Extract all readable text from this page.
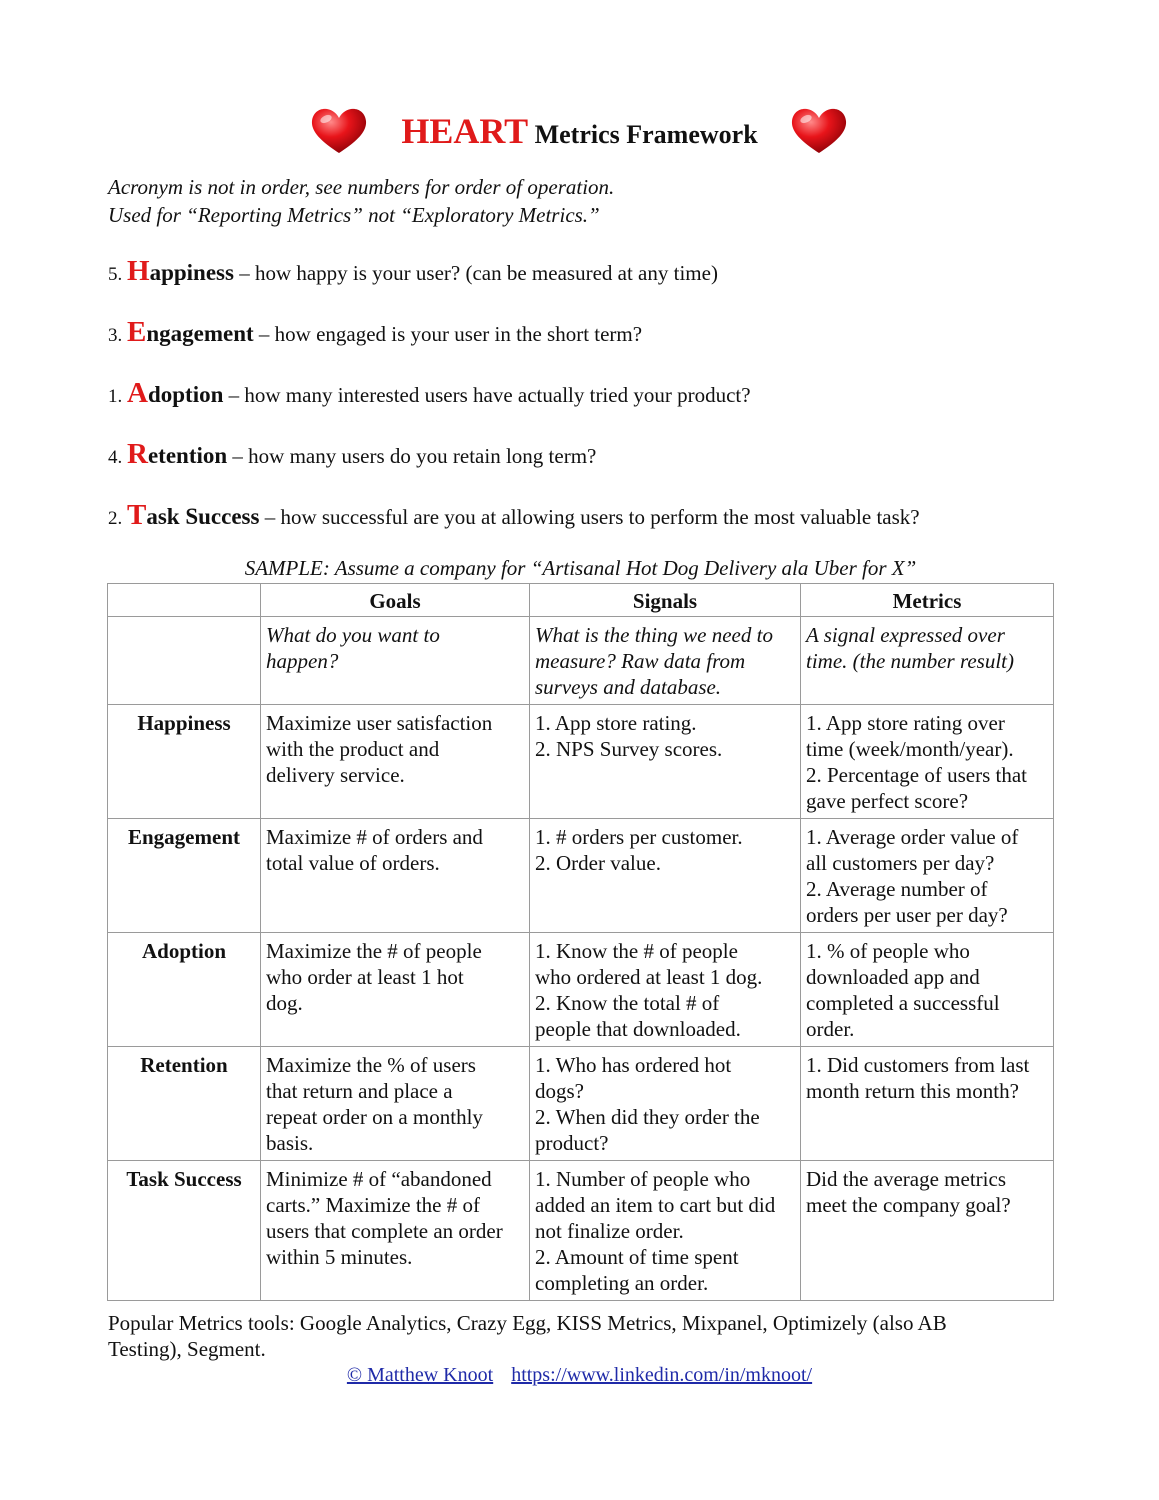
HEART Metrics Framework
Acronym is not in order, see numbers for order of operation.
Used for “Reporting Metrics” not “Exploratory Metrics.”
5. Happiness – how happy is your user? (can be measured at any time)
3. Engagement – how engaged is your user in the short term?
1. Adoption – how many interested users have actually tried your product?
4. Retention – how many users do you retain long term?
2. Task Success – how successful are you at allowing users to perform the most valuable task?
SAMPLE: Assume a company for “Artisanal Hot Dog Delivery ala Uber for X”
	Goals	Signals	Metrics

	What do you want to
happen?	What is the thing we need to
measure? Raw data from
surveys and database.	A signal expressed over
time. (the number result)

Happiness	Maximize user satisfaction
with the product and
delivery service.	1. App store rating.
2. NPS Survey scores.	1. App store rating over
time (week/month/year).
2. Percentage of users that
gave perfect score?

Engagement	Maximize # of orders and
total value of orders.	1. # orders per customer.
2. Order value.	1. Average order value of
all customers per day?
2. Average number of
orders per user per day?

Adoption	Maximize the # of people
who order at least 1 hot
dog.	1. Know the # of people
who ordered at least 1 dog.
2. Know the total # of
people that downloaded.	1. % of people who
downloaded app and
completed a successful
order.

Retention	Maximize the % of users
that return and place a
repeat order on a monthly
basis.	1. Who has ordered hot
dogs?
2. When did they order the
product?	1. Did customers from last
month return this month?

Task Success	Minimize # of “abandoned
carts.” Maximize the # of
users that complete an order
within 5 minutes.	1. Number of people who
added an item to cart but did
not finalize order.
2. Amount of time spent
completing an order.	Did the average metrics
meet the company goal?
Popular Metrics tools: Google Analytics, Crazy Egg, KISS Metrics, Mixpanel, Optimizely (also AB
Testing), Segment.
© Matthew Knoot https://www.linkedin.com/in/mknoot/
